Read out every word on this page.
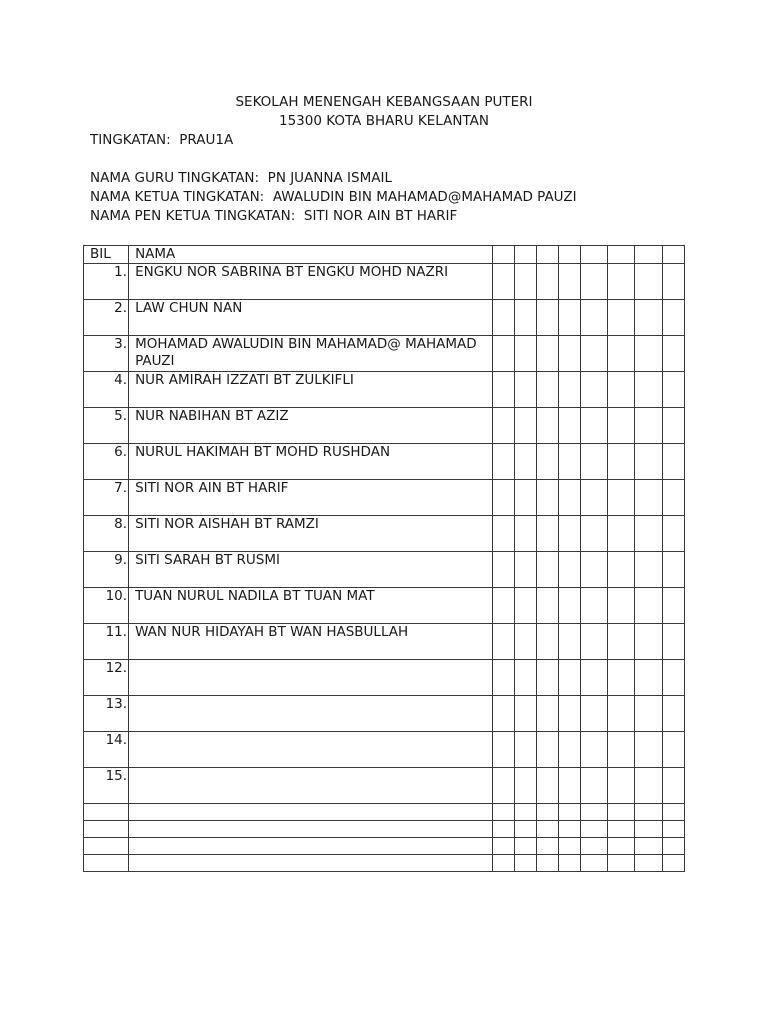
SEKOLAH MENENGAH KEBANGSAAN PUTERI
15300 KOTA BHARU KELANTAN
TINGKATAN: PRAU1A
NAMA GURU TINGKATAN: PN JUANNA ISMAIL
NAMA KETUA TINGKATAN: AWALUDIN BIN MAHAMAD@MAHAMAD PAUZI
NAMA PEN KETUA TINGKATAN: SITI NOR AIN BT HARIF
BIL	NAMA								
1.	ENGKU NOR SABRINA BT ENGKU MOHD NAZRI								
2.	LAW CHUN NAN								
3.	MOHAMAD AWALUDIN BIN MAHAMAD@ MAHAMAD PAUZI								
4.	NUR AMIRAH IZZATI BT ZULKIFLI								
5.	NUR NABIHAN BT AZIZ								
6.	NURUL HAKIMAH BT MOHD RUSHDAN								
7.	SITI NOR AIN BT HARIF								
8.	SITI NOR AISHAH BT RAMZI								
9.	SITI SARAH BT RUSMI								
10.	TUAN NURUL NADILA BT TUAN MAT								
11.	WAN NUR HIDAYAH BT WAN HASBULLAH								
12.									
13.									
14.									
15.									
